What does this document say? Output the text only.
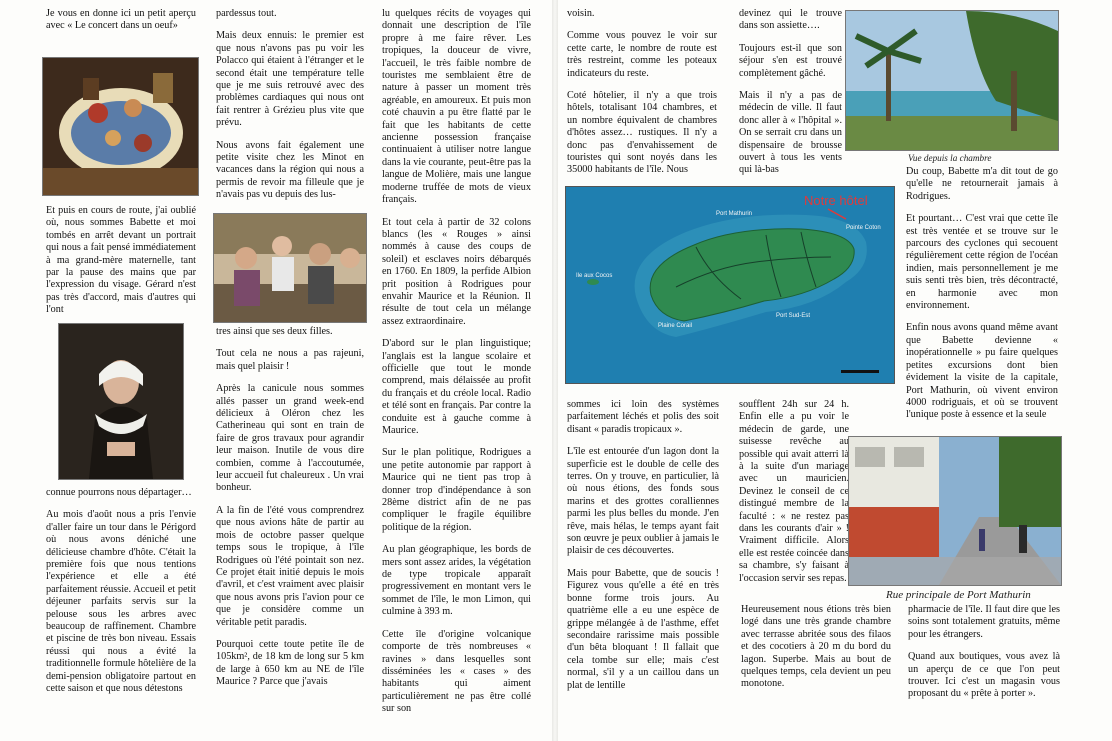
Je vous en donne ici un petit aperçu avec « Le concert dans un oeuf»

Et puis en cours de route, j'ai oublié où, nous sommes Babette et moi tombés en arrêt devant un portrait qui nous a fait pensé immédiatement à ma grand-mère maternelle, tant par la pause des mains que par l'expression du visage. Gérard n'est pas très d'accord, mais d'autres qui l'ont

connue pourrons nous départager…

Au mois d'août nous a pris l'envie d'aller faire un tour dans le Périgord où nous avons déniché une délicieuse chambre d'hôte. C'était la première fois que nous tentions l'expérience et elle a été parfaitement réussie. Accueil et petit déjeuner parfaits servis sur la pelouse sous les arbres avec beaucoup de raffinement. Chambre et piscine de très bon niveau. Essais réussi qui nous a évité la traditionnelle formule hôtelière de la demi-pension obligatoire partout en cette saison et que nous détestons

pardessus tout.

Mais deux ennuis: le premier est que nous n'avons pas pu voir les Polacco qui étaient à l'étranger et le second était une température telle que je me suis retrouvé avec des problèmes cardiaques qui nous ont fait rentrer à Grézieu plus vite que prévu.

Nous avons fait également une petite visite chez les Minot en vacances dans la région qui nous a permis de revoir ma filleule que je n'avais pas vu depuis des lus-

tres ainsi que ses deux filles.

Tout cela ne nous a pas rajeuni, mais quel plaisir !

Après la canicule nous sommes allés passer un grand week-end délicieux à Oléron chez les Catherineau qui sont en train de faire de gros travaux pour agrandir leur maison. Inutile de vous dire combien, comme à l'accoutumée, leur accueil fut chaleureux . Un vrai bonheur.

A la fin de l'été vous comprendrez que nous avions hâte de partir au mois de octobre passer quelque temps sous le tropique, à l'île Rodrigues où l'été pointait son nez. Ce projet était initié depuis le mois d'avril, et c'est vraiment avec plaisir que nous avons pris l'avion pour ce que je considère comme un véritable petit paradis.

Pourquoi cette toute petite île de 105km², de 18 km de long sur 5 km de large à 650 km au NE de l'île Maurice ? Parce que j'avais

lu quelques récits de voyages qui donnait une description de l'île propre à me faire rêver. Les tropiques, la douceur de vivre, l'accueil, le très faible nombre de touristes me semblaient être de nature à passer un moment très agréable, en amoureux. Et puis mon coté chauvin a pu être flatté par le fait que les habitants de cette ancienne possession française continuaient à utiliser notre langue dans la vie courante, peut-être pas la langue de Molière, mais une langue moderne truffée de mots de vieux français.

Et tout cela à partir de 32 colons blancs (les « Rouges » ainsi nommés à cause des coups de soleil) et esclaves noirs débarqués en 1760. En 1809, la perfide Albion prit position à Rodrigues pour envahir Maurice et la Réunion. Il résulte de tout cela un mélange assez extraordinaire.

D'abord sur le plan linguistique; l'anglais est la langue scolaire et officielle que tout le monde comprend, mais délaissée au profit du français et du créole local. Radio et télé sont en français. Par contre la conduite est à gauche comme à Maurice.

Sur le plan politique, Rodrigues a une petite autonomie par rapport à Maurice qui ne tient pas trop à donner trop d'indépendance à son 28ème district afin de ne pas compliquer le fragile équilibre politique de la région.

Au plan géographique, les bords de mers sont assez arides, la végétation de type tropicale apparaît progressivement en montant vers le sommet de l'île, le mon Limon, qui culmine à 393 m.

Cette île d'origine volcanique comporte de très nombreuses « ravines » dans lesquelles sont disséminées les « cases » des habitants qui aiment particulièrement ne pas être collé sur son

voisin.

Comme vous pouvez le voir sur cette carte, le nombre de route est très restreint, comme les poteaux indicateurs du reste.

Coté hôtelier, il n'y a que trois hôtels, totalisant 104 chambres, et un nombre équivalent de chambres d'hôtes assez… rustiques. Il n'y a donc pas d'envahissement de touristes qui sont noyés dans les 35000 habitants de l'île. Nous

Notre hôtel
Port Mathurin
Pointe Coton
Ile aux Cocos
Port Sud-Est
Plaine Corail

sommes ici loin des systèmes parfaitement léchés et polis des soit disant « paradis tropicaux ».

L'île est entourée d'un lagon dont la superficie est le double de celle des terres. On y trouve, en particulier, là où nous étions, des fonds sous marins et des grottes coralliennes parmi les plus belles du monde. J'en rêve, mais hélas, le temps ayant fait son œuvre je peux oublier à jamais le plaisir de ces découvertes.

Mais pour Babette, que de soucis ! Figurez vous qu'elle a été en très bonne forme trois jours. Au quatrième elle a eu une espèce de grippe mélangée à de l'asthme, effet secondaire rarissime mais possible d'un bêta bloquant ! Il fallait que cela tombe sur elle; mais c'est normal, s'il y a un caillou dans un plat de lentille

devinez qui le trouve dans son assiette….

Toujours est-il que son séjour s'en est trouvé complètement gâché.

Mais il n'y a pas de médecin de ville. Il faut donc aller à « l'hôpital ». On se serrait cru dans un dispensaire de brousse ouvert à tous les vents qui là-bas

Vue depuis la chambre

Du coup, Babette m'a dit tout de go qu'elle ne retournerait jamais à Rodrigues.

Et pourtant… C'est vrai que cette île est très ventée et se trouve sur le parcours des cyclones qui secouent régulièrement cette région de l'océan indien, mais personnellement je me suis senti très bien, très décontracté, en harmonie avec mon environnement.

Enfin nous avons quand même avant que Babette devienne « inopérationnelle » pu faire quelques petites excursions dont bien évidement la visite de la capitale, Port Mathurin, où vivent environ 4000 rodriguais, et où se trouvent l'unique poste à essence et la seule

soufflent 24h sur 24 h. Enfin elle a pu voir le médecin de garde, une suisesse revêche au possible qui avait atterri là à la suite d'un mariage avec un mauricien. Devinez le conseil de ce distingué membre de la faculté : « ne restez pas dans les courants d'air » ! Vraiment difficile. Alors elle est restée coincée dans sa chambre, s'y faisant à l'occasion servir ses repas.

Rue principale de Port Mathurin

Heureusement nous étions très bien logé dans une très grande chambre avec terrasse abritée sous des filaos et des cocotiers à 20 m du bord du lagon. Superbe. Mais au bout de quelques temps, cela devient un peu monotone.

pharmacie de l'île. Il faut dire que les soins sont totalement gratuits, même pour les étrangers.

Quand aux boutiques, vous avez là un aperçu de ce que l'on peut trouver. Ici c'est un magasin vous proposant du « prête à porter ».
